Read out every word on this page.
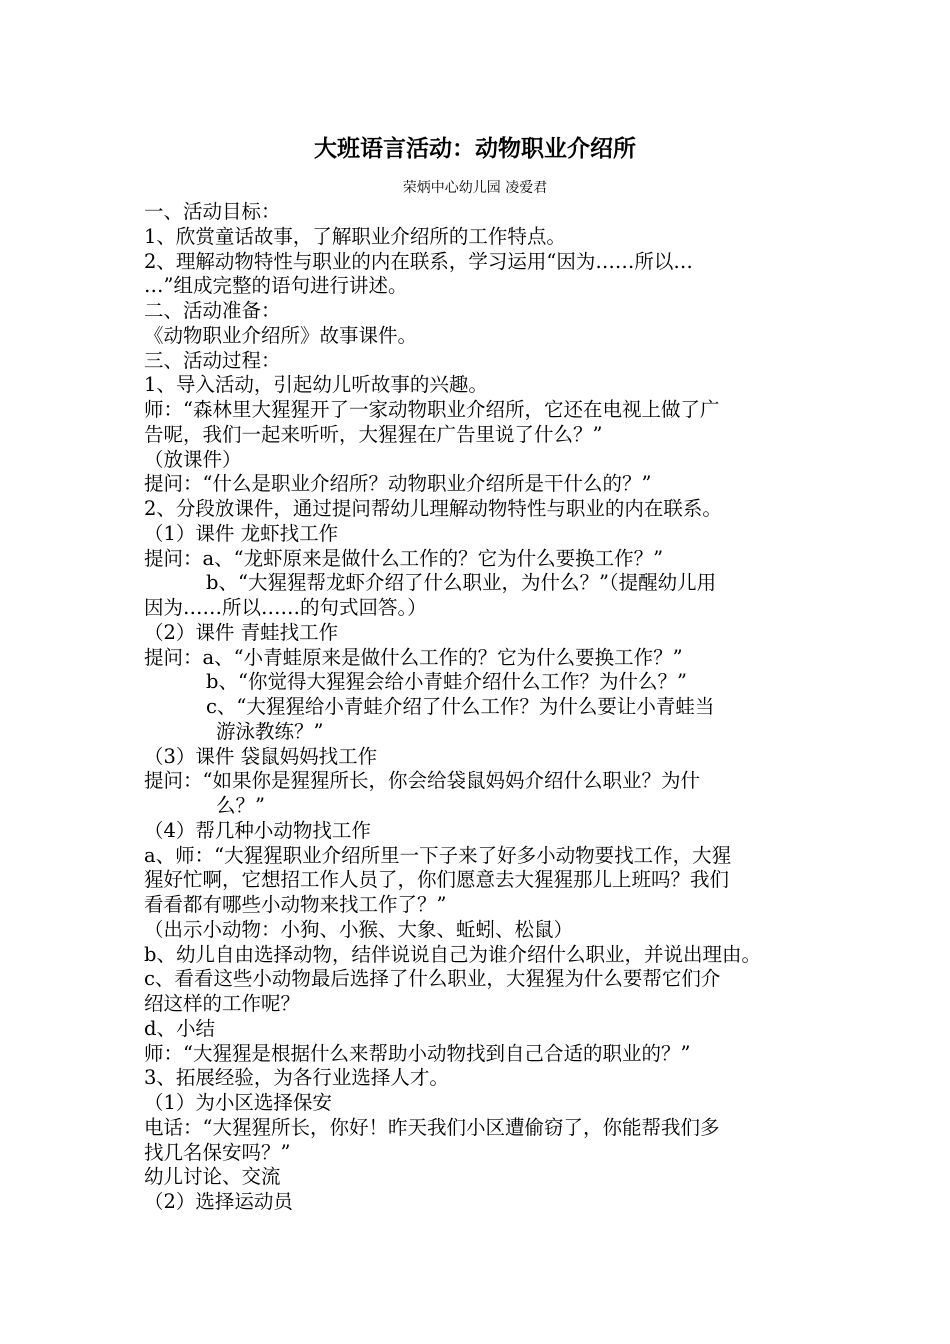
大班语言活动：动物职业介绍所
荣炳中心幼儿园 凌爱君
一、活动目标：
1、欣赏童话故事，了解职业介绍所的工作特点。
2、理解动物特性与职业的内在联系，学习运用“因为……所以…
…”组成完整的语句进行讲述。
二、活动准备：
《动物职业介绍所》故事课件。
三、活动过程：
1、导入活动，引起幼儿听故事的兴趣。
师：“森林里大猩猩开了一家动物职业介绍所，它还在电视上做了广
告呢，我们一起来听听，大猩猩在广告里说了什么？”
（放课件）
提问：“什么是职业介绍所？动物职业介绍所是干什么的？”
2、分段放课件，通过提问帮幼儿理解动物特性与职业的内在联系。
（1）课件 龙虾找工作
提问：a、“龙虾原来是做什么工作的？它为什么要换工作？”
b、“大猩猩帮龙虾介绍了什么职业，为什么？”（提醒幼儿用
因为……所以……的句式回答。）
（2）课件 青蛙找工作
提问：a、“小青蛙原来是做什么工作的？它为什么要换工作？”
b、“你觉得大猩猩会给小青蛙介绍什么工作？为什么？”
c、“大猩猩给小青蛙介绍了什么工作？为什么要让小青蛙当
游泳教练？”
（3）课件 袋鼠妈妈找工作
提问：“如果你是猩猩所长，你会给袋鼠妈妈介绍什么职业？为什
么？”
（4）帮几种小动物找工作
a、师：“大猩猩职业介绍所里一下子来了好多小动物要找工作，大猩
猩好忙啊，它想招工作人员了，你们愿意去大猩猩那儿上班吗？我们
看看都有哪些小动物来找工作了？”
（出示小动物：小狗、小猴、大象、蚯蚓、松鼠）
b、幼儿自由选择动物，结伴说说自己为谁介绍什么职业，并说出理由。
c、看看这些小动物最后选择了什么职业，大猩猩为什么要帮它们介
绍这样的工作呢？
d、小结
师：“大猩猩是根据什么来帮助小动物找到自己合适的职业的？”
3、拓展经验，为各行业选择人才。
（1）为小区选择保安
电话：“大猩猩所长，你好！昨天我们小区遭偷窃了，你能帮我们多
找几名保安吗？”
幼儿讨论、交流
（2）选择运动员
